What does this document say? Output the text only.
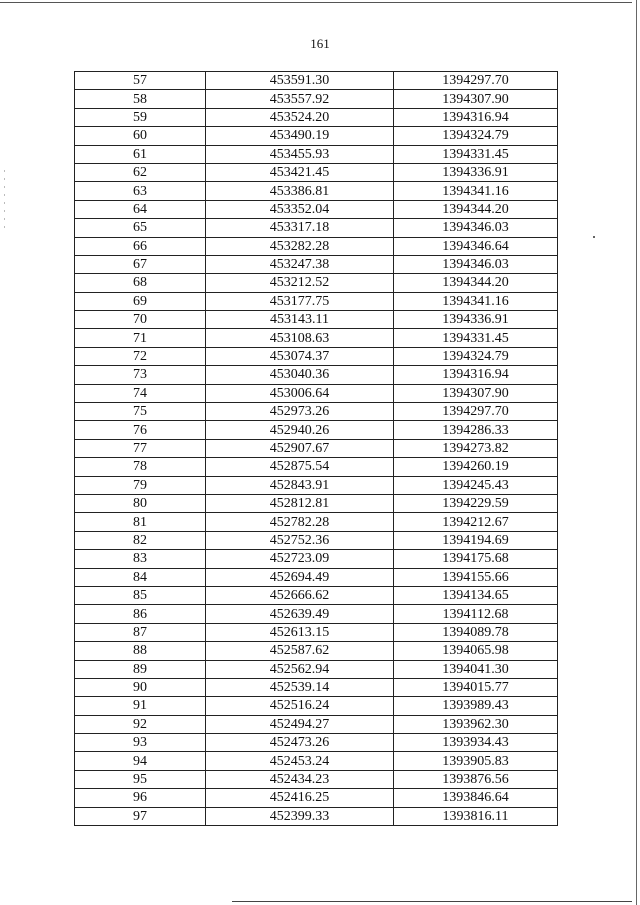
161
57	453591.30	1394297.70
58	453557.92	1394307.90
59	453524.20	1394316.94
60	453490.19	1394324.79
61	453455.93	1394331.45
62	453421.45	1394336.91
63	453386.81	1394341.16
64	453352.04	1394344.20
65	453317.18	1394346.03
66	453282.28	1394346.64
67	453247.38	1394346.03
68	453212.52	1394344.20
69	453177.75	1394341.16
70	453143.11	1394336.91
71	453108.63	1394331.45
72	453074.37	1394324.79
73	453040.36	1394316.94
74	453006.64	1394307.90
75	452973.26	1394297.70
76	452940.26	1394286.33
77	452907.67	1394273.82
78	452875.54	1394260.19
79	452843.91	1394245.43
80	452812.81	1394229.59
81	452782.28	1394212.67
82	452752.36	1394194.69
83	452723.09	1394175.68
84	452694.49	1394155.66
85	452666.62	1394134.65
86	452639.49	1394112.68
87	452613.15	1394089.78
88	452587.62	1394065.98
89	452562.94	1394041.30
90	452539.14	1394015.77
91	452516.24	1393989.43
92	452494.27	1393962.30
93	452473.26	1393934.43
94	452453.24	1393905.83
95	452434.23	1393876.56
96	452416.25	1393846.64
97	452399.33	1393816.11
